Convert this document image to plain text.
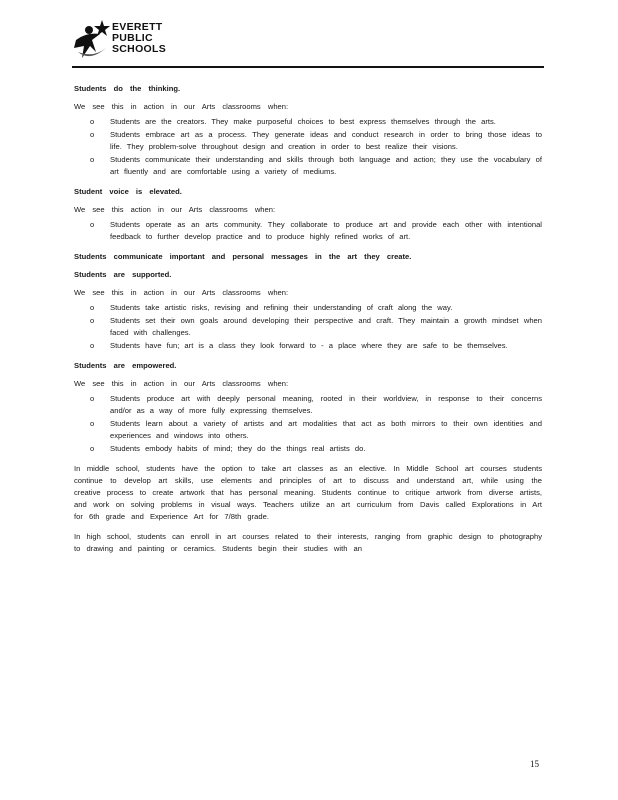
EVERETT
PUBLIC
SCHOOLS
Students do the thinking.
We see this in action in our Arts classrooms when:
o Students are the creators. They make purposeful choices to best express themselves through the arts.
o Students embrace art as a process. They generate ideas and conduct research in order to bring those ideas to life. They problem-solve throughout design and creation in order to best realize their visions.
o Students communicate their understanding and skills through both language and action; they use the vocabulary of art fluently and are comfortable using a variety of mediums.
Student voice is elevated.
We see this action in our Arts classrooms when:
o Students operate as an arts community. They collaborate to produce art and provide each other with intentional feedback to further develop practice and to produce highly refined works of art.
Students communicate important and personal messages in the art they create.
Students are supported.
We see this in action in our Arts classrooms when:
o Students take artistic risks, revising and refining their understanding of craft along the way.
o Students set their own goals around developing their perspective and craft. They maintain a growth mindset when faced with challenges.
o Students have fun; art is a class they look forward to - a place where they are safe to be themselves.
Students are empowered.
We see this in action in our Arts classrooms when:
o Students produce art with deeply personal meaning, rooted in their worldview, in response to their concerns and/or as a way of more fully expressing themselves.
o Students learn about a variety of artists and art modalities that act as both mirrors to their own identities and experiences and windows into others.
o Students embody habits of mind; they do the things real artists do.

In middle school, students have the option to take art classes as an elective. In Middle School art courses students continue to develop art skills, use elements and principles of art to discuss and understand art, while using the creative process to create artwork that has personal meaning. Students continue to critique artwork from diverse artists, and work on solving problems in visual ways. Teachers utilize an art curriculum from Davis called Explorations in Art for 6th grade and Experience Art for 7/8th grade.

In high school, students can enroll in art courses related to their interests, ranging from graphic design to photography to drawing and painting or ceramics. Students begin their studies with an

15
